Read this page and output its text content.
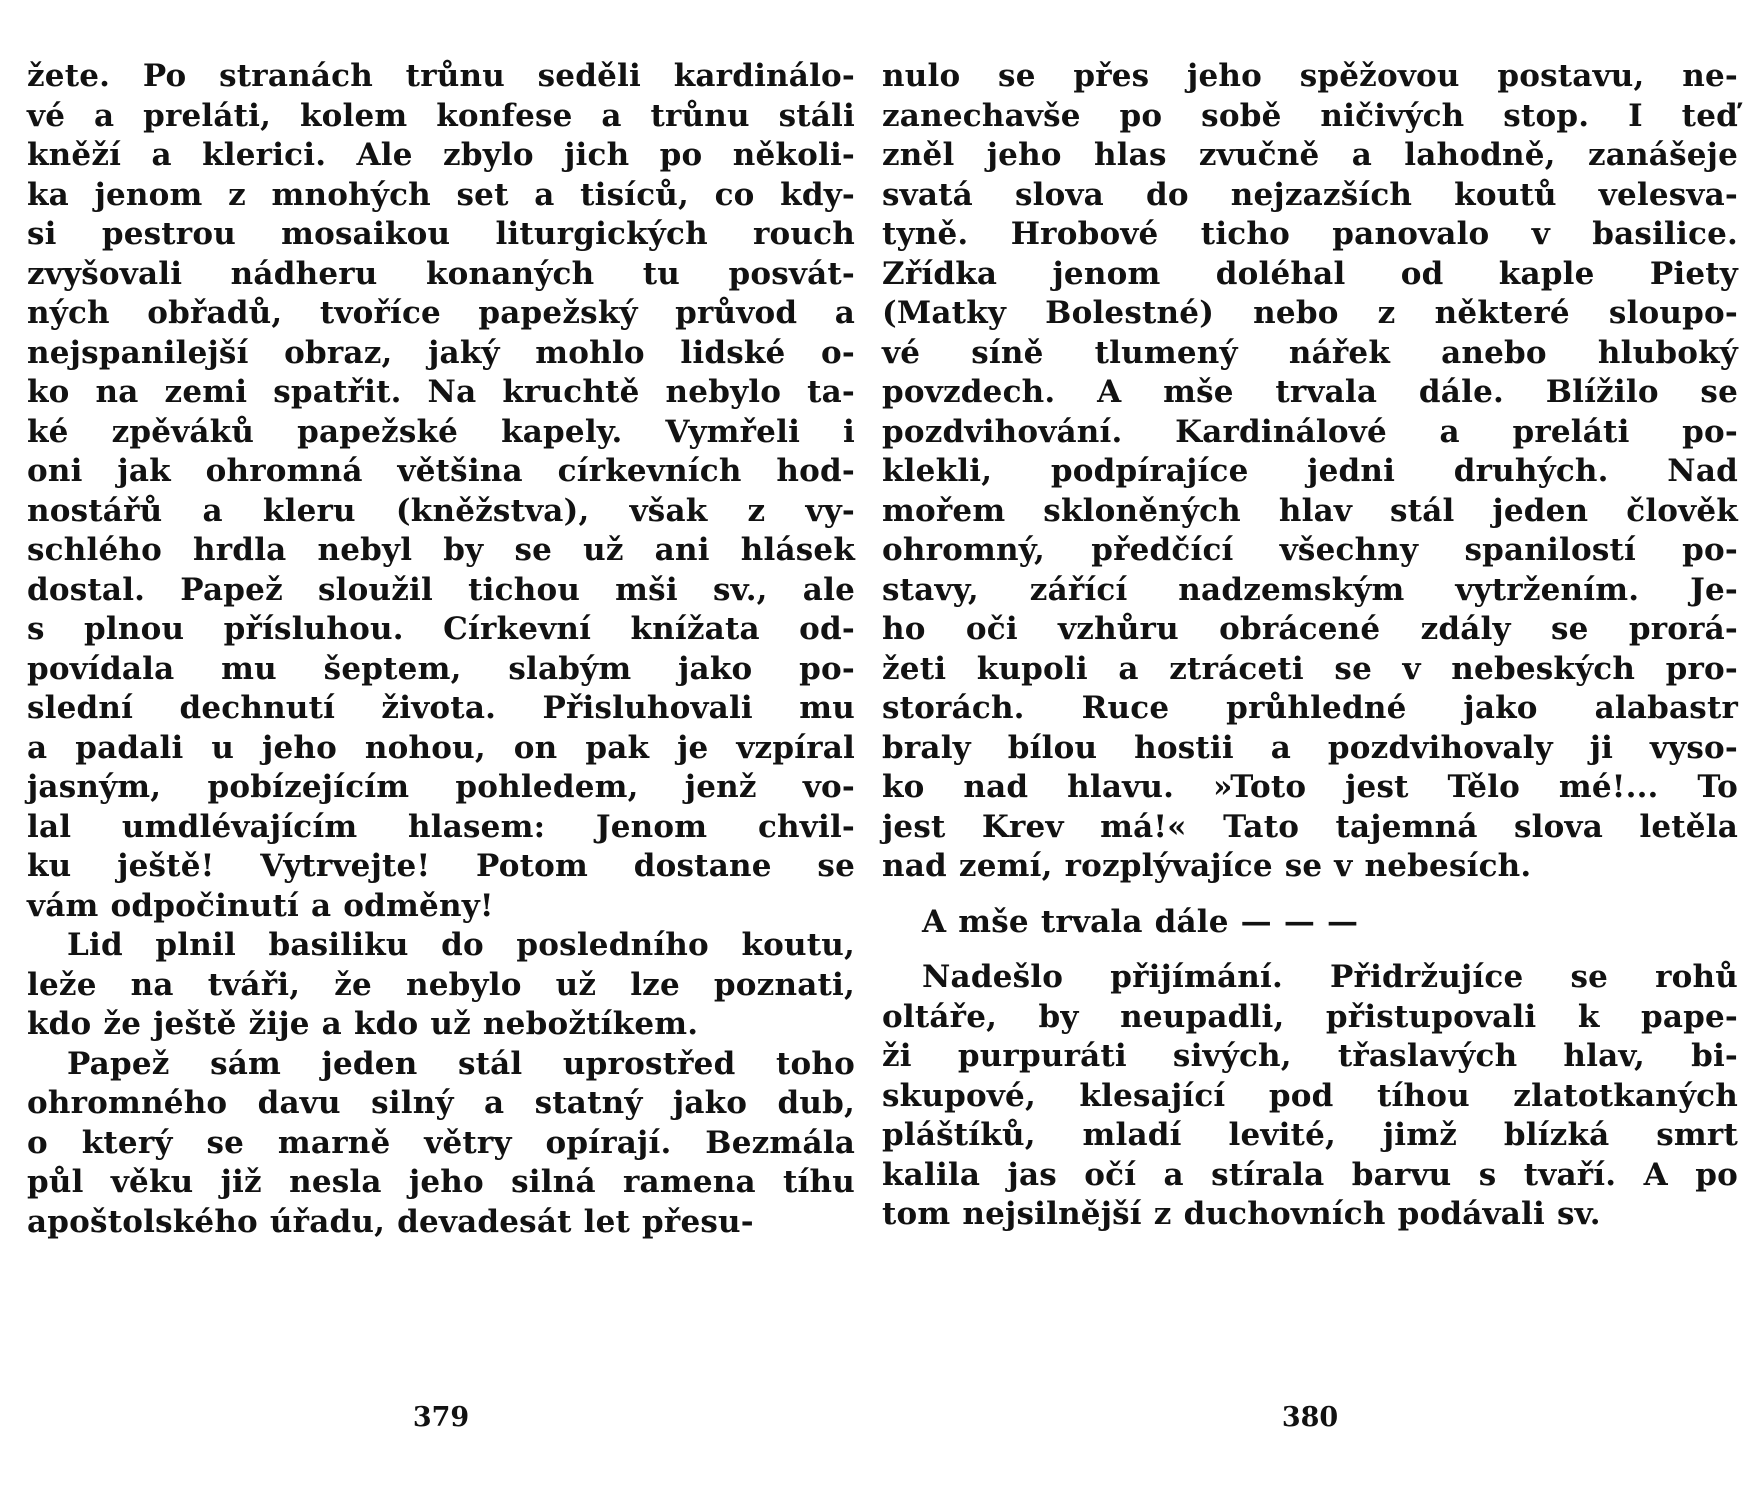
žete. Po stranách trůnu seděli kardinálo-
vé a preláti, kolem konfese a trůnu stáli
kněží a klerici. Ale zbylo jich po několi-
ka jenom z mnohých set a tisíců, co kdy-
si pestrou mosaikou liturgických rouch
zvyšovali nádheru konaných tu posvát-
ných obřadů, tvoříce papežský průvod a
nejspanilejší obraz, jaký mohlo lidské o-
ko na zemi spatřit. Na kruchtě nebylo ta-
ké zpěváků papežské kapely. Vymřeli i
oni jak ohromná většina církevních hod-
nostářů a kleru (kněžstva), však z vy-
schlého hrdla nebyl by se už ani hlásek
dostal. Papež sloužil tichou mši sv., ale
s plnou přísluhou. Církevní knížata od-
povídala mu šeptem, slabým jako po-
slední dechnutí života. Přisluhovali mu
a padali u jeho nohou, on pak je vzpíral
jasným, pobízejícím pohledem, jenž vo-
lal umdlévajícím hlasem: Jenom chvil-
ku ještě! Vytrvejte! Potom dostane se
vám odpočinutí a odměny!
Lid plnil basiliku do posledního koutu,
leže na tváři, že nebylo už lze poznati,
kdo že ještě žije a kdo už nebožtíkem.
Papež sám jeden stál uprostřed toho
ohromného davu silný a statný jako dub,
o který se marně větry opírají. Bezmála
půl věku již nesla jeho silná ramena tíhu
apoštolského úřadu, devadesát let přesu-
nulo se přes jeho spěžovou postavu, ne-
zanechavše po sobě ničivých stop. I teď
zněl jeho hlas zvučně a lahodně, zanášeje
svatá slova do nejzazších koutů velesva-
tyně. Hrobové ticho panovalo v basilice.
Zřídka jenom doléhal od kaple Piety
(Matky Bolestné) nebo z některé sloupo-
vé síně tlumený nářek anebo hluboký
povzdech. A mše trvala dále. Blížilo se
pozdvihování. Kardinálové a preláti po-
klekli, podpírajíce jedni druhých. Nad
mořem skloněných hlav stál jeden člověk
ohromný, předčící všechny spanilostí po-
stavy, zářící nadzemským vytržením. Je-
ho oči vzhůru obrácené zdály se prorá-
žeti kupoli a ztráceti se v nebeských pro-
storách. Ruce průhledné jako alabastr
braly bílou hostii a pozdvihovaly ji vyso-
ko nad hlavu. »Toto jest Tělo mé!... To
jest Krev má!« Tato tajemná slova letěla
nad zemí, rozplývajíce se v nebesích.
A mše trvala dále — — —
Nadešlo přijímání. Přidržujíce se rohů
oltáře, by neupadli, přistupovali k pape-
ži purpuráti sivých, třaslavých hlav, bi-
skupové, klesající pod tíhou zlatotkaných
pláštíků, mladí levité, jimž blízká smrt
kalila jas očí a stírala barvu s tvaří. A po
tom nejsilnější z duchovních podávali sv.
379	380
